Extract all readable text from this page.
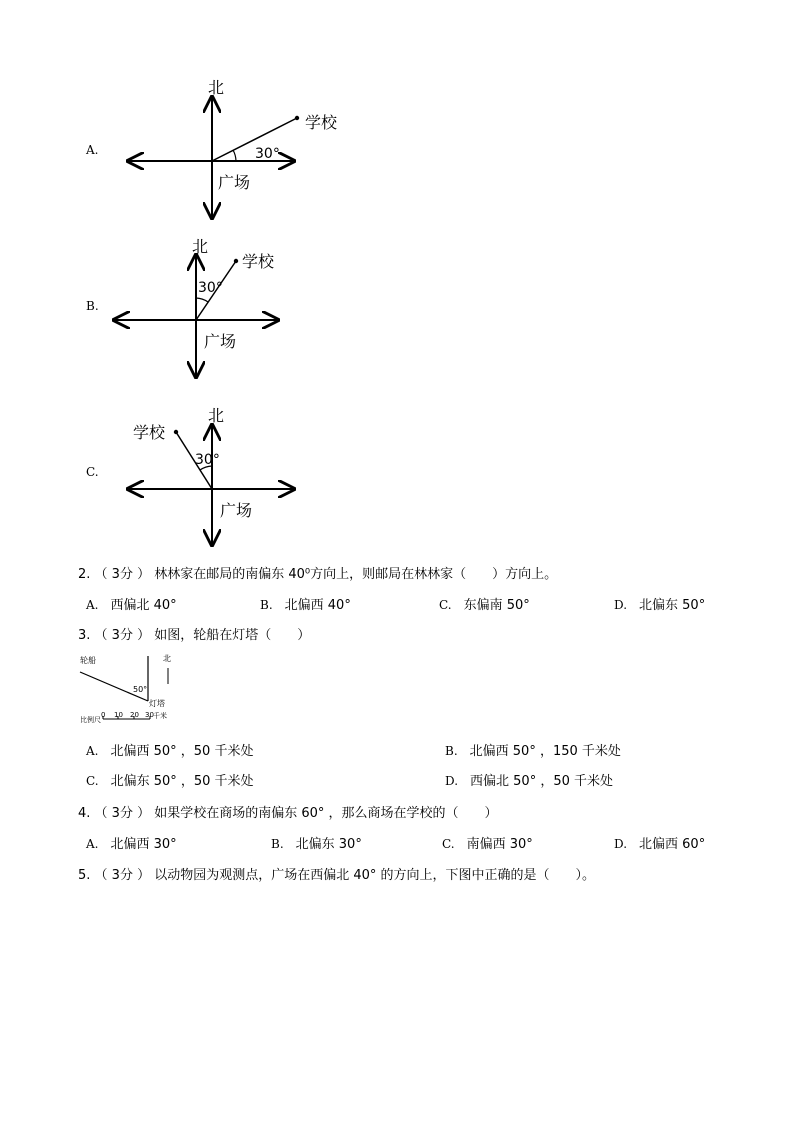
A.
北
学校
30°
广场
B.
北
学校
30°
广场
C.
北
学校
30°
广场
2. （ 3分 ） 林林家在邮局的南偏东 40⁰方向上，则邮局在林林家（　　）方向上。
A. 西偏北 40°	B. 北偏西 40°	C. 东偏南 50°	D. 北偏东 50°
3. （ 3分 ） 如图，轮船在灯塔（　　）
轮船	北
50°
灯塔
比例尺
0 10 20 30 千米
A. 北偏西 50° ，50 千米处	B. 北偏西 50° ，150 千米处
C. 北偏东 50° ，50 千米处	D. 西偏北 50° ，50 千米处
4. （ 3分 ） 如果学校在商场的南偏东 60° ，那么商场在学校的（　　）
A. 北偏西 30°	B. 北偏东 30°	C. 南偏西 30°	D. 北偏西 60°
5. （ 3分 ） 以动物园为观测点，广场在西偏北 40° 的方向上，下图中正确的是（　　）。
